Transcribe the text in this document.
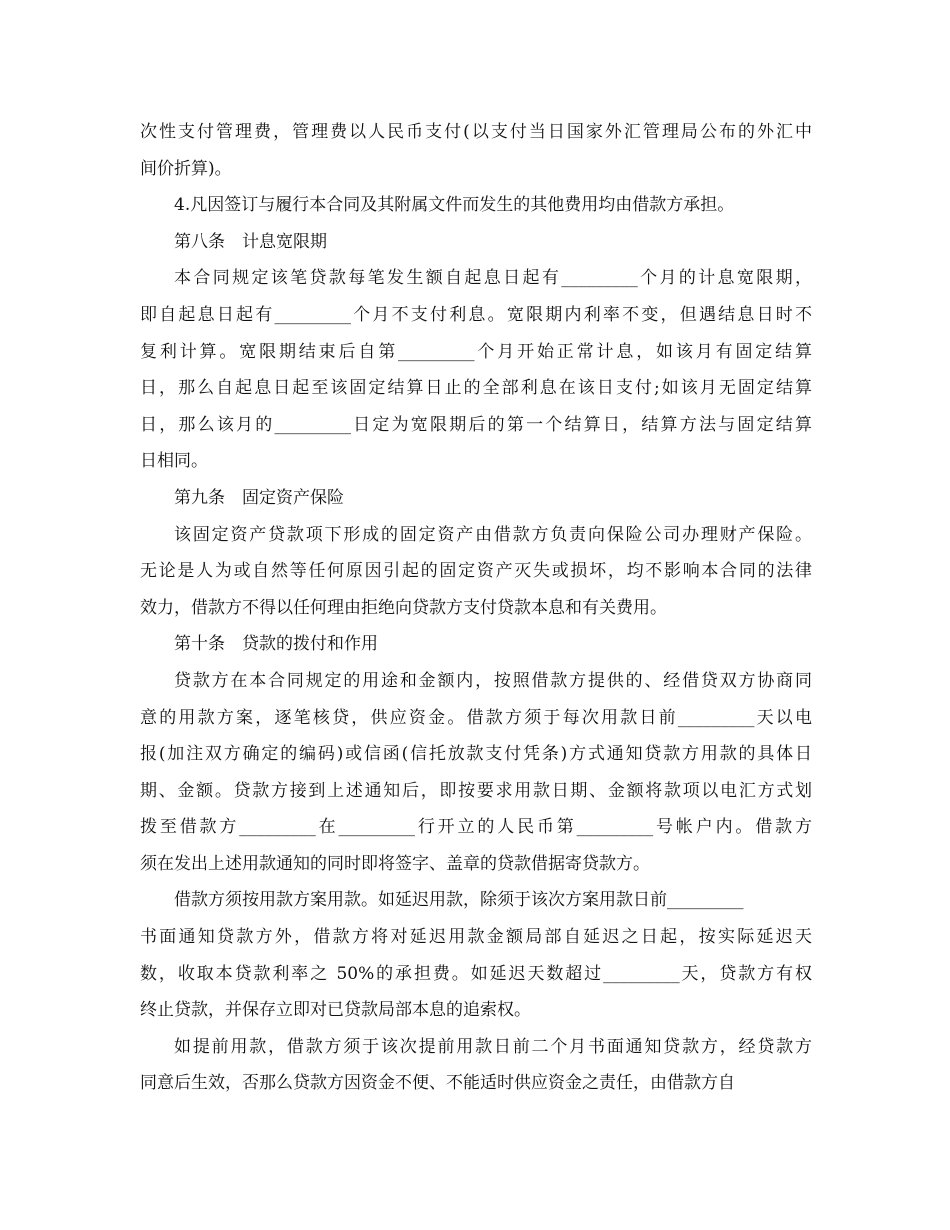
次性支付管理费，管理费以人民币支付(以支付当日国家外汇管理局公布的外汇中
间价折算)。
4.凡因签订与履行本合同及其附属文件而发生的其他费用均由借款方承担。
第八条　计息宽限期
本合同规定该笔贷款每笔发生额自起息日起有_________个月的计息宽限期，
即自起息日起有_________个月不支付利息。宽限期内利率不变，但遇结息日时不
复利计算。宽限期结束后自第_________个月开始正常计息，如该月有固定结算
日，那么自起息日起至该固定结算日止的全部利息在该日支付;如该月无固定结算
日，那么该月的_________日定为宽限期后的第一个结算日，结算方法与固定结算
日相同。
第九条　固定资产保险
该固定资产贷款项下形成的固定资产由借款方负责向保险公司办理财产保险。
无论是人为或自然等任何原因引起的固定资产灭失或损坏，均不影响本合同的法律
效力，借款方不得以任何理由拒绝向贷款方支付贷款本息和有关费用。
第十条　贷款的拨付和作用
贷款方在本合同规定的用途和金额内，按照借款方提供的、经借贷双方协商同
意的用款方案，逐笔核贷，供应资金。借款方须于每次用款日前_________天以电
报(加注双方确定的编码)或信函(信托放款支付凭条)方式通知贷款方用款的具体日
期、金额。贷款方接到上述通知后，即按要求用款日期、金额将款项以电汇方式划
拨至借款方_________在_________行开立的人民币第_________号帐户内。借款方
须在发出上述用款通知的同时即将签字、盖章的贷款借据寄贷款方。
借款方须按用款方案用款。如延迟用款，除须于该次方案用款日前_________
书面通知贷款方外，借款方将对延迟用款金额局部自延迟之日起，按实际延迟天
数，收取本贷款利率之 50%的承担费。如延迟天数超过_________天，贷款方有权
终止贷款，并保存立即对已贷款局部本息的追索权。
如提前用款，借款方须于该次提前用款日前二个月书面通知贷款方，经贷款方
同意后生效，否那么贷款方因资金不便、不能适时供应资金之责任，由借款方自
